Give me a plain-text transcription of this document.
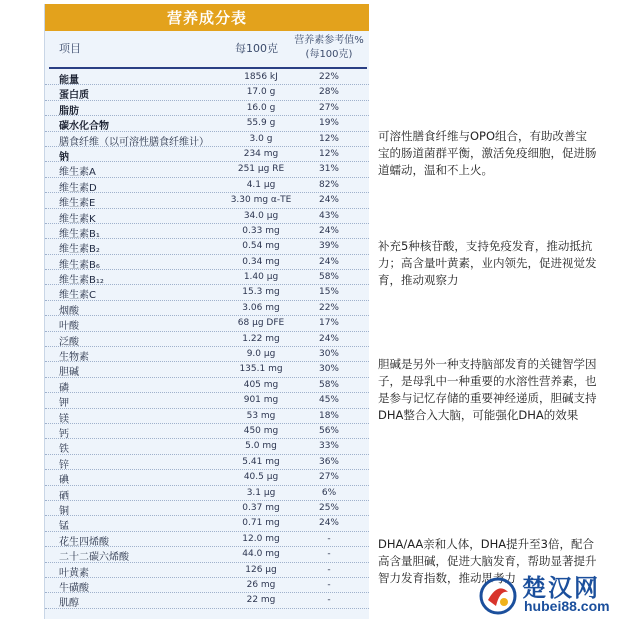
营养成分表
项目	每100克
营养素参考值%
(每100克)
能量	1856 kJ	22%
蛋白质	17.0 g	28%
脂肪	16.0 g	27%
碳水化合物	55.9 g	19%
膳食纤维（以可溶性膳食纤维计）	3.0 g	12%
钠	234 mg	12%
维生素A	251 μg RE	31%
维生素D	4.1 μg	82%
维生素E	3.30 mg α-TE	24%
维生素K	34.0 μg	43%
维生素B₁	0.33 mg	24%
维生素B₂	0.54 mg	39%
维生素B₆	0.34 mg	24%
维生素B₁₂	1.40 μg	58%
维生素C	15.3 mg	15%
烟酸	3.06 mg	22%
叶酸	68 μg DFE	17%
泛酸	1.22 mg	24%
生物素	9.0 μg	30%
胆碱	135.1 mg	30%
磷	405 mg	58%
钾	901 mg	45%
镁	53 mg	18%
钙	450 mg	56%
铁	5.0 mg	33%
锌	5.41 mg	36%
碘	40.5 μg	27%
硒	3.1 μg	6%
铜	0.37 mg	25%
锰	0.71 mg	24%
花生四烯酸	12.0 mg	-
二十二碳六烯酸	44.0 mg	-
叶黄素	126 μg	-
牛磺酸	26 mg	-
肌醇	22 mg	-
可溶性膳食纤维与OPO组合，有助改善宝宝的肠道菌群平衡，激活免疫细胞，促进肠道蠕动，温和不上火。
补充5种核苷酸，支持免疫发育，推动抵抗力；高含量叶黄素，业内领先，促进视觉发育，推动观察力
胆碱是另外一种支持脑部发育的关键智学因子，是母乳中一种重要的水溶性营养素，也是参与记忆存储的重要神经递质，胆碱支持DHA整合入大脑，可能强化DHA的效果
DHA/AA亲和人体，DHA提升至3倍，配合高含量胆碱，促进大脑发育，帮助显著提升智力发育指数，推动思考力 楚汉网
hubei88.com
